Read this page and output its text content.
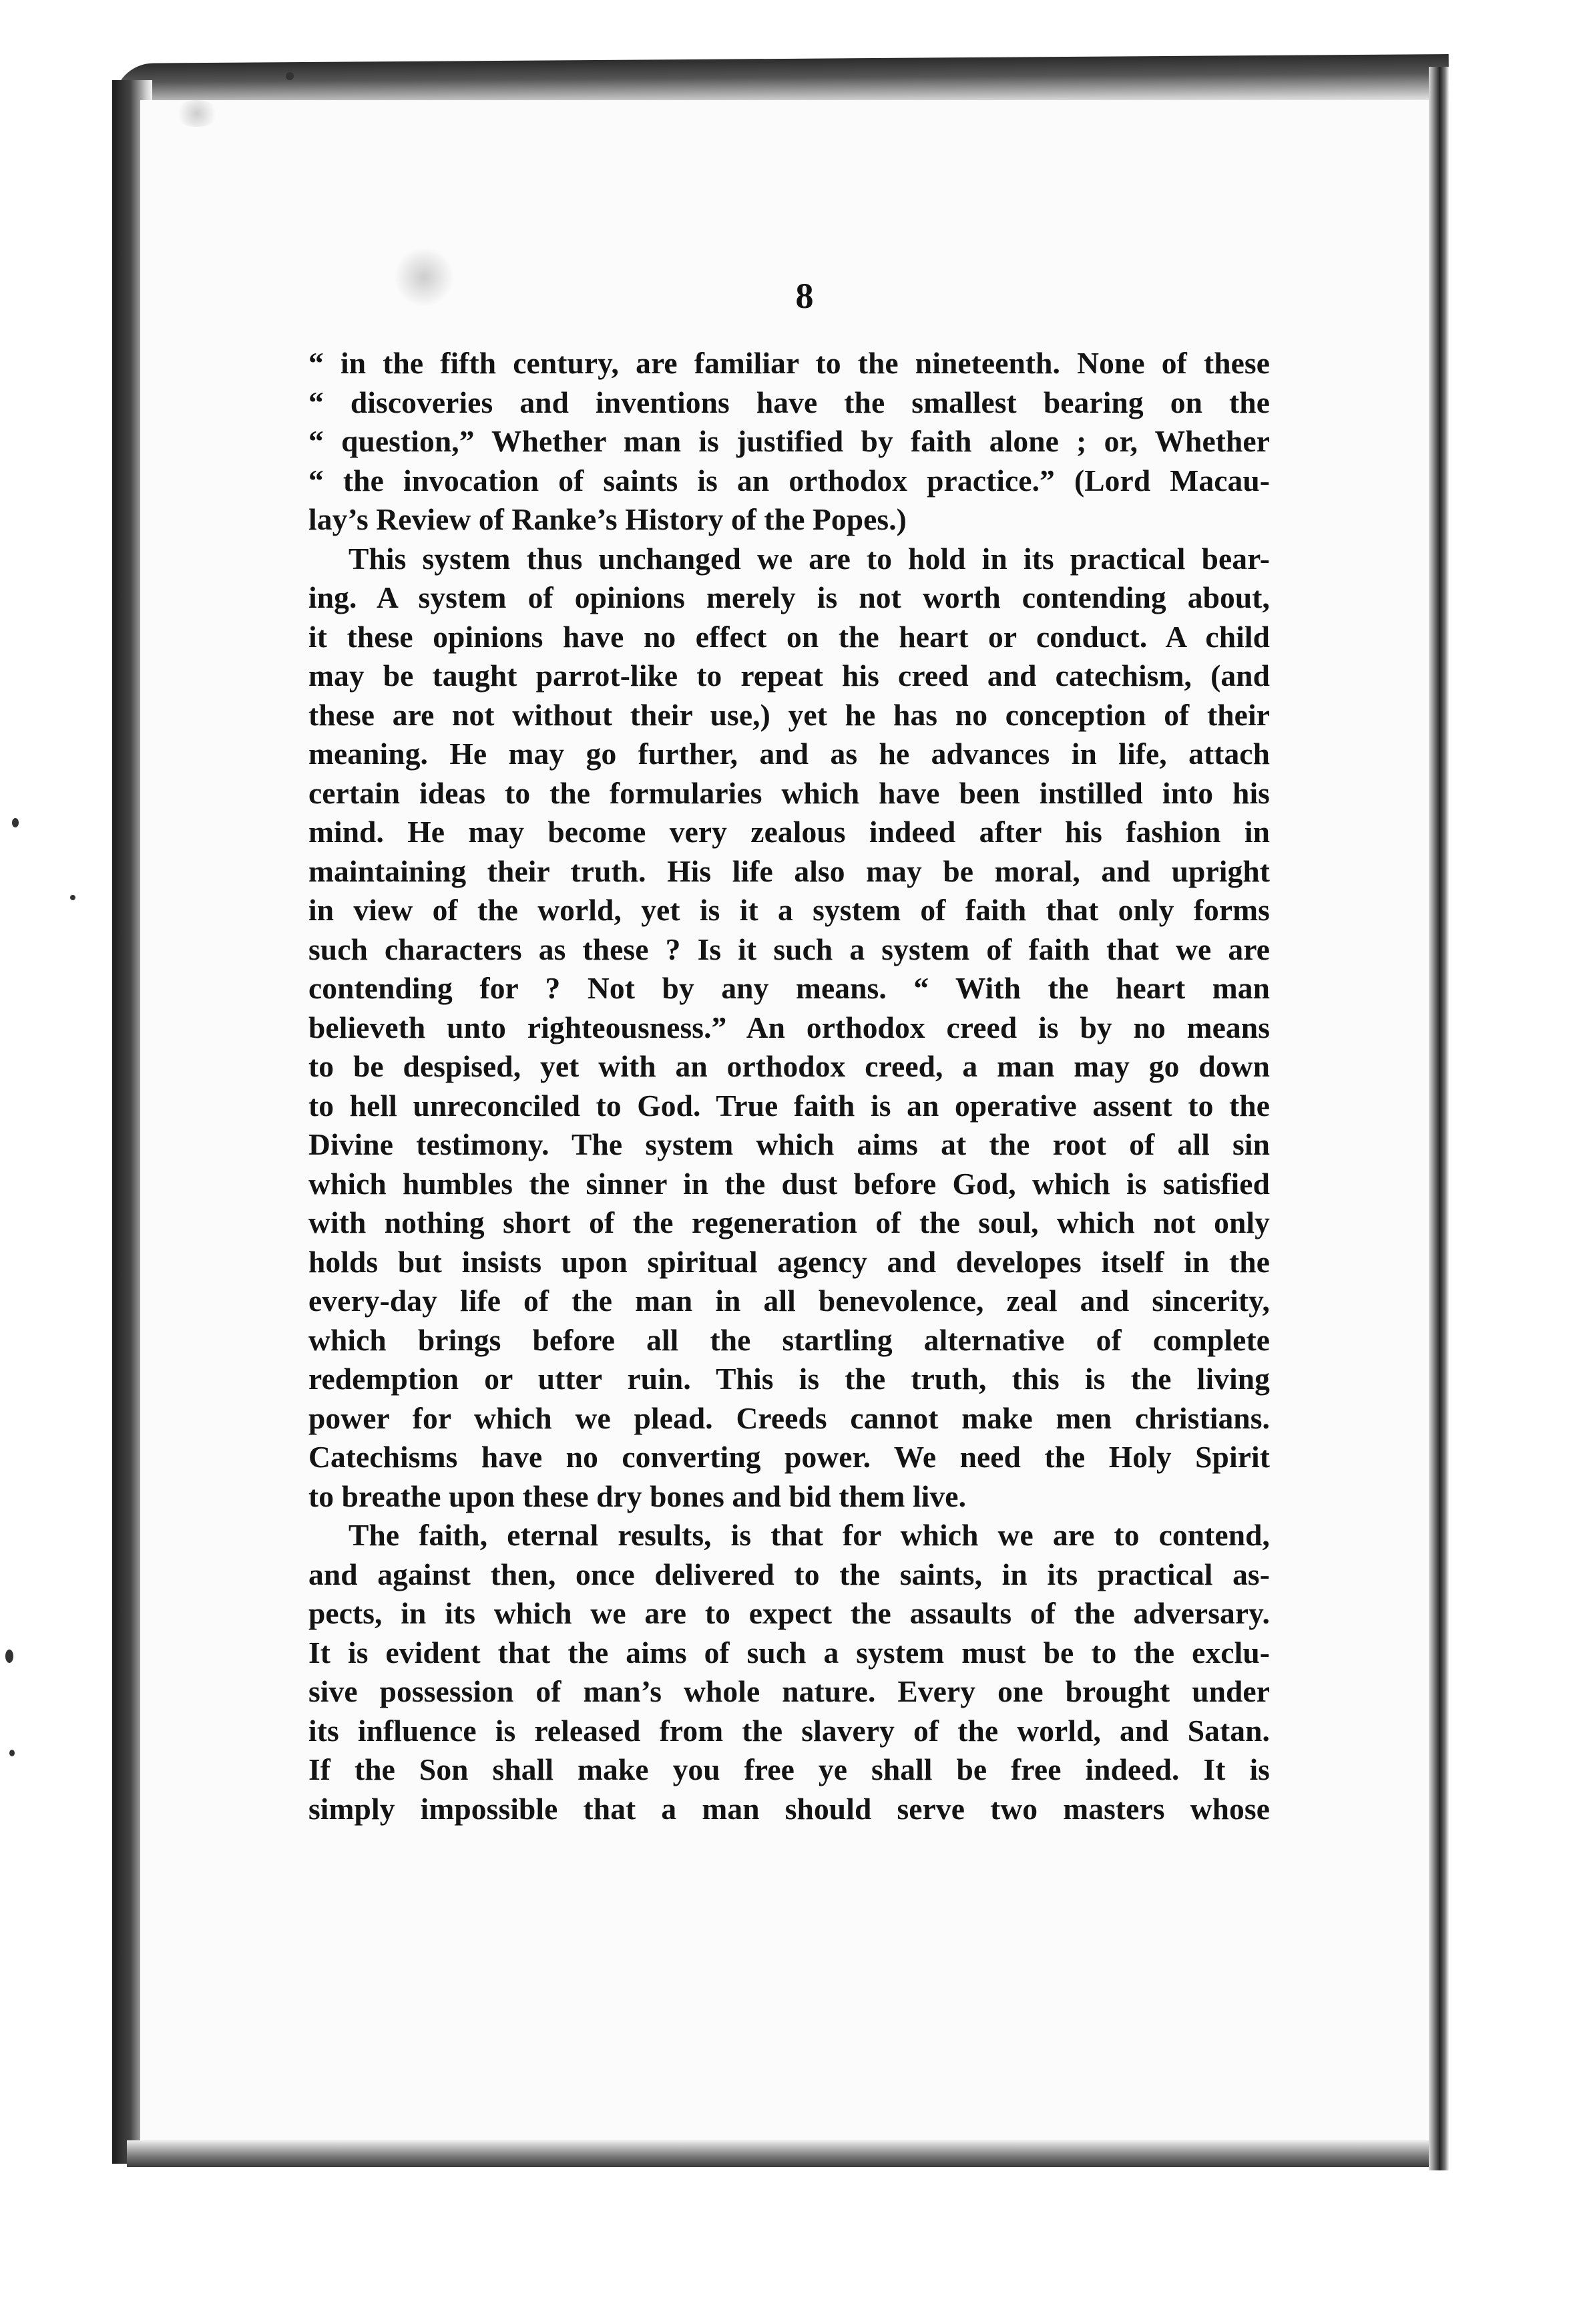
8
“ in the fifth century, are familiar to the nineteenth. None of these
“ discoveries and inventions have the smallest bearing on the
“ question,” Whether man is justified by faith alone ; or, Whether
“ the invocation of saints is an orthodox practice.” (Lord Macau-
lay’s Review of Ranke’s History of the Popes.)
This system thus unchanged we are to hold in its practical bear-
ing. A system of opinions merely is not worth contending about,
it these opinions have no effect on the heart or conduct. A child
may be taught parrot-like to repeat his creed and catechism, (and
these are not without their use,) yet he has no conception of their
meaning. He may go further, and as he advances in life, attach
certain ideas to the formularies which have been instilled into his
mind. He may become very zealous indeed after his fashion in
maintaining their truth. His life also may be moral, and upright
in view of the world, yet is it a system of faith that only forms
such characters as these ? Is it such a system of faith that we are
contending for ? Not by any means. “ With the heart man
believeth unto righteousness.” An orthodox creed is by no means
to be despised, yet with an orthodox creed, a man may go down
to hell unreconciled to God. True faith is an operative assent to the
Divine testimony. The system which aims at the root of all sin
which humbles the sinner in the dust before God, which is satisfied
with nothing short of the regeneration of the soul, which not only
holds but insists upon spiritual agency and developes itself in the
every-day life of the man in all benevolence, zeal and sincerity,
which brings before all the startling alternative of complete
redemption or utter ruin. This is the truth, this is the living
power for which we plead. Creeds cannot make men christians.
Catechisms have no converting power. We need the Holy Spirit
to breathe upon these dry bones and bid them live.
The faith, eternal results, is that for which we are to contend,
and against then, once delivered to the saints, in its practical as-
pects, in its which we are to expect the assaults of the adversary.
It is evident that the aims of such a system must be to the exclu-
sive possession of man’s whole nature. Every one brought under
its influence is released from the slavery of the world, and Satan.
If the Son shall make you free ye shall be free indeed. It is
simply impossible that a man should serve two masters whose
